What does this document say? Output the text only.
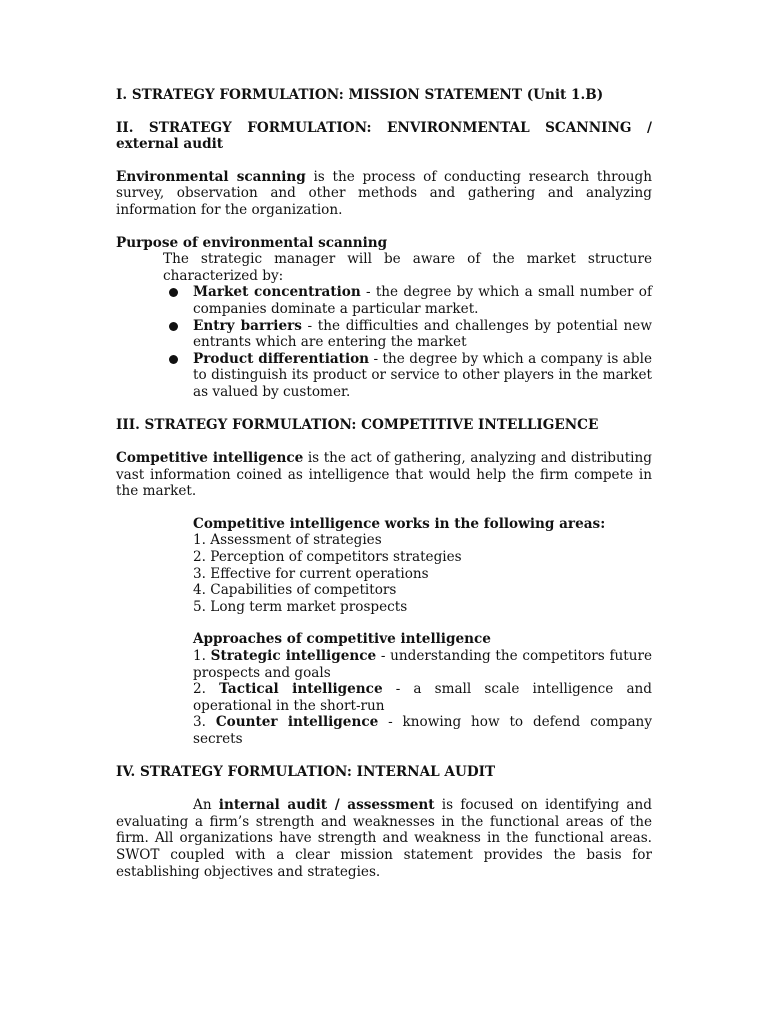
I. STRATEGY FORMULATION: MISSION STATEMENT (Unit 1.B)

II. STRATEGY FORMULATION: ENVIRONMENTAL SCANNING / external audit

Environmental scanning is the process of conducting research through survey, observation and other methods and gathering and analyzing information for the organization.

Purpose of environmental scanning

The strategic manager will be aware of the market structure characterized by:

Market concentration - the degree by which a small number of companies dominate a particular market.
Entry barriers - the difficulties and challenges by potential new entrants which are entering the market
Product differentiation - the degree by which a company is able to distinguish its product or service to other players in the market as valued by customer.

III. STRATEGY FORMULATION: COMPETITIVE INTELLIGENCE

Competitive intelligence is the act of gathering, analyzing and distributing vast information coined as intelligence that would help the firm compete in the market.

Competitive intelligence works in the following areas:

1. Assessment of strategies
2. Perception of competitors strategies
3. Effective for current operations
4. Capabilities of competitors
5. Long term market prospects

Approaches of competitive intelligence

1. Strategic intelligence - understanding the competitors future prospects and goals
2. Tactical intelligence - a small scale intelligence and operational in the short-run
3. Counter intelligence - knowing how to defend company secrets

IV. STRATEGY FORMULATION: INTERNAL AUDIT

An internal audit / assessment is focused on identifying and evaluating a firm’s strength and weaknesses in the functional areas of the firm. All organizations have strength and weakness in the functional areas. SWOT coupled with a clear mission statement provides the basis for establishing objectives and strategies.
